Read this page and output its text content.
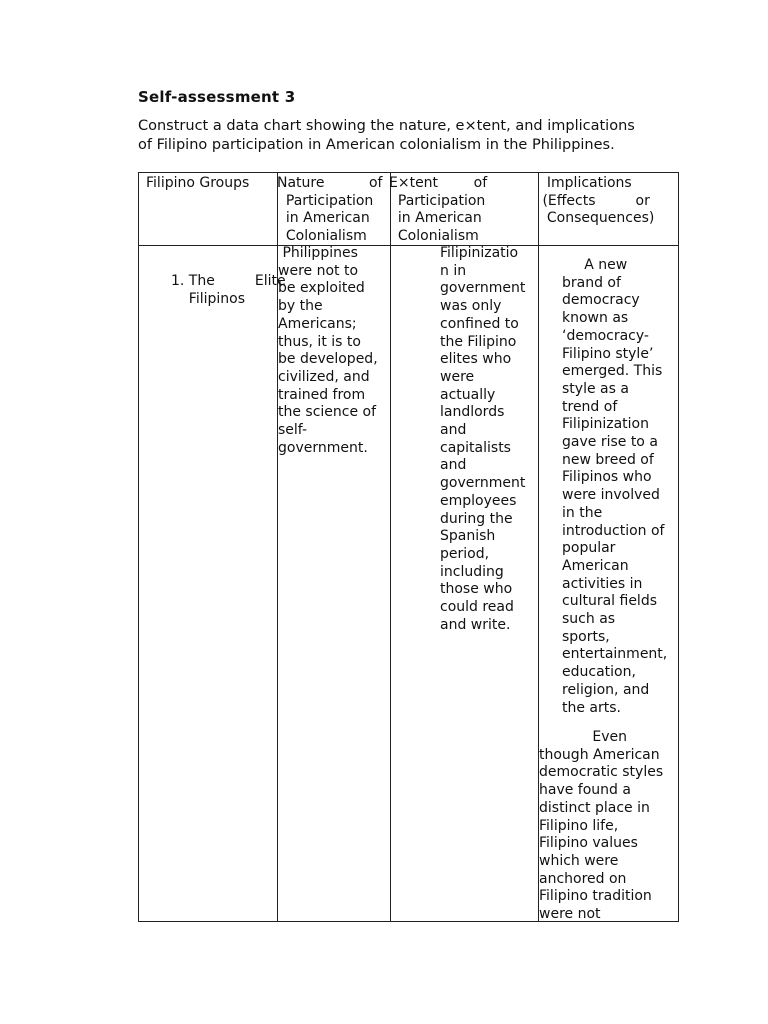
Self-assessment 3
Construct a data chart showing the nature, e×tent, and implications
of Filipino participation in American colonialism in the Philippines.
Filipino Groups Nature          of
Participation
in American
Colonialism
E×tent        of
Participation
in American
Colonialism
Implications
(Effects         or
Consequences)
1. The         Elite
Filipinos
Philippines
were not to
be exploited
by the
Americans;
thus, it is to
be developed,
civilized, and
trained from
the science of
self-
government.
Filipinizatio
n in
government
was only
confined to
the Filipino
elites who
were
actually
landlords
and
capitalists
and
government
employees
during the
Spanish
period,
including
those who
could read
and write.
A new
brand of
democracy
known as
‘democracy-
Filipino style’
emerged. This
style as a
trend of
Filipinization
gave rise to a
new breed of
Filipinos who
were involved
in the
introduction of
popular
American
activities in
cultural fields
such as
sports,
entertainment,
education,
religion, and
the arts.
Even
though American
democratic styles
have found a
distinct place in
Filipino life,
Filipino values
which were
anchored on
Filipino tradition
were not
